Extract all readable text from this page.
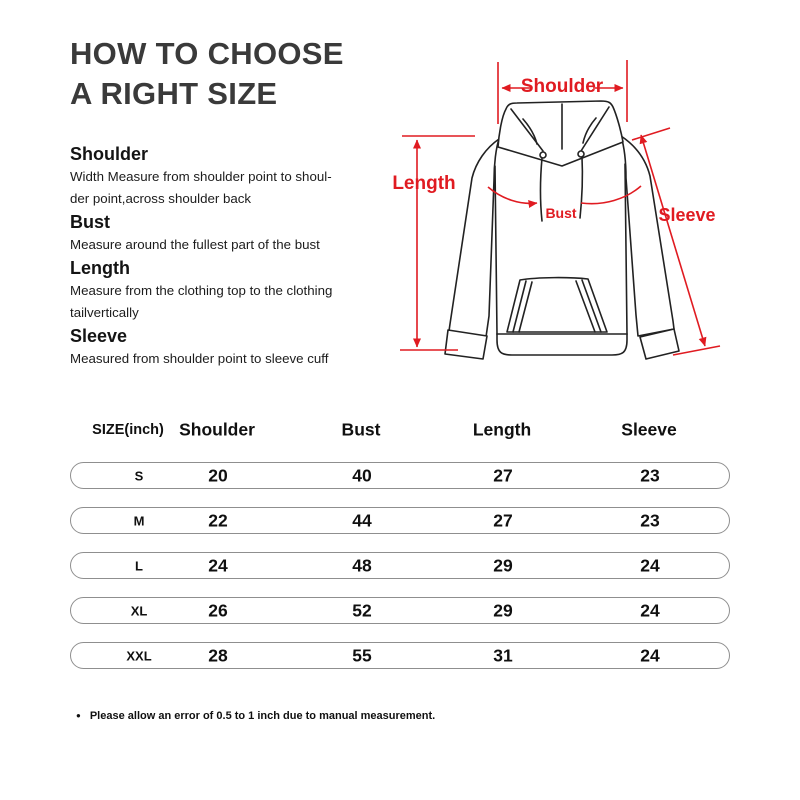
HOW TO CHOOSE
A RIGHT SIZE
Shoulder

Width Measure from shoulder point to shoul-

der point,across shoulder back

Bust

Measure around the fullest part of the bust

Length

Measure from the clothing top to the clothing

tailvertically

Sleeve

Measured from shoulder point to sleeve cuff

Shoulder
Length
Bust	Sleeve
SIZE(inch) Shoulder	Bust	Length	Sleeve
S	20	40	27	23
M	22	44	27	23
L	24	48	29	24
XL	26	52	29	24
XXL	28	55	31	24
● Please allow an error of 0.5 to 1 inch due to manual measurement.
